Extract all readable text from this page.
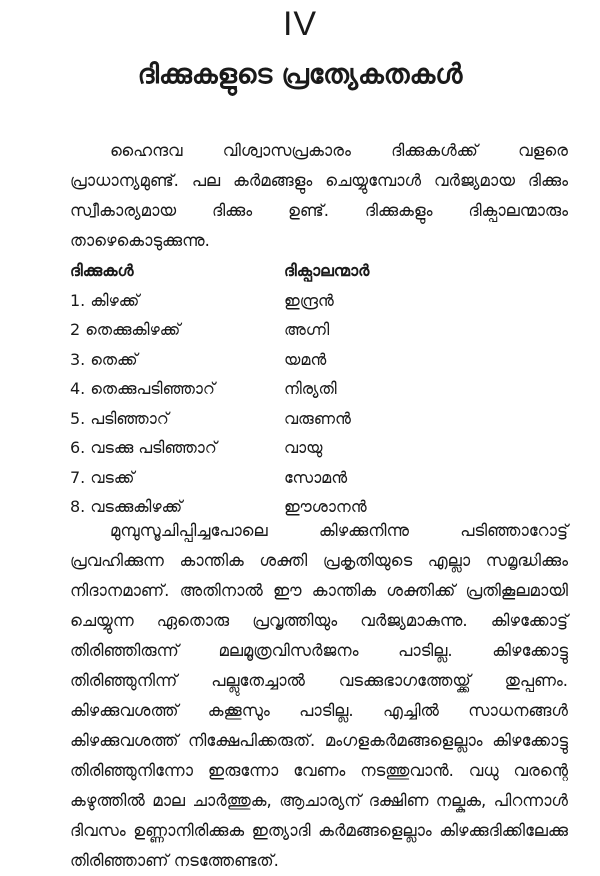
IV
ദിക്കുകളുടെ പ്രത്യേകതകൾ

ഹൈന്ദവ വിശ്വാസപ്രകാരം ദിക്കുകൾക്ക് വളരെ പ്രാധാന്യമുണ്ട്. പല കർമങ്ങളും ചെയ്യുമ്പോൾ വർജ്യമായ ദിക്കും സ്വീകാര്യമായ ദിക്കും ഉണ്ട്. ദിക്കുകളും ദിക്പാലന്മാരും താഴെകൊടുക്കുന്നു.

ദിക്കുകൾ	ദിക്പാലന്മാർ
1. കിഴക്ക്	ഇന്ദ്രൻ
2 തെക്കുകിഴക്ക്	അഗ്നി
3. തെക്ക്	യമൻ
4. തെക്കുപടിഞ്ഞാറ്	നിര്യതി
5. പടിഞ്ഞാറ്	വരുണൻ
6. വടക്കു പടിഞ്ഞാറ്	വായു
7. വടക്ക്	സോമൻ
8. വടക്കുകിഴക്ക്	ഈശാനൻ

മുമ്പുസൂചിപ്പിച്ചപോലെ കിഴക്കുനിന്നു പടിഞ്ഞാറോട്ട് പ്രവഹിക്കുന്ന കാന്തിക ശക്തി പ്രകൃതിയുടെ എല്ലാ സമൃദ്ധിക്കും നിദാനമാണ്. അതിനാൽ ഈ കാന്തിക ശക്തിക്ക് പ്രതികൂലമായി ചെയ്യുന്ന ഏതൊരു പ്രവൃത്തിയും വർജ്യമാകുന്നു. കിഴക്കോട്ട് തിരിഞ്ഞിരുന്ന് മലമൂത്രവിസർജനം പാടില്ല. കിഴക്കോട്ടു തിരിഞ്ഞുനിന്ന് പല്ലുതേച്ചാൽ വടക്കുഭാഗത്തേയ്ക്ക് തുപ്പണം. കിഴക്കുവശത്ത് കക്കൂസും പാടില്ല. എച്ചിൽ സാധനങ്ങൾ കിഴക്കുവശത്ത് നിക്ഷേപിക്കരുത്. മംഗളകർമങ്ങളെല്ലാം കിഴക്കോട്ടു തിരിഞ്ഞുനിന്നോ ഇരുന്നോ വേണം നടത്തുവാൻ. വധു വരന്റെ കഴുത്തിൽ മാല ചാർത്തുക, ആചാര്യന് ദക്ഷിണ നല്കുക, പിറന്നാൾ ദിവസം ഉണ്ണാനിരിക്കുക ഇത്യാദി കർമങ്ങളെല്ലാം കിഴക്കുദിക്കിലേക്കു തിരിഞ്ഞാണ് നടത്തേണ്ടത്.
